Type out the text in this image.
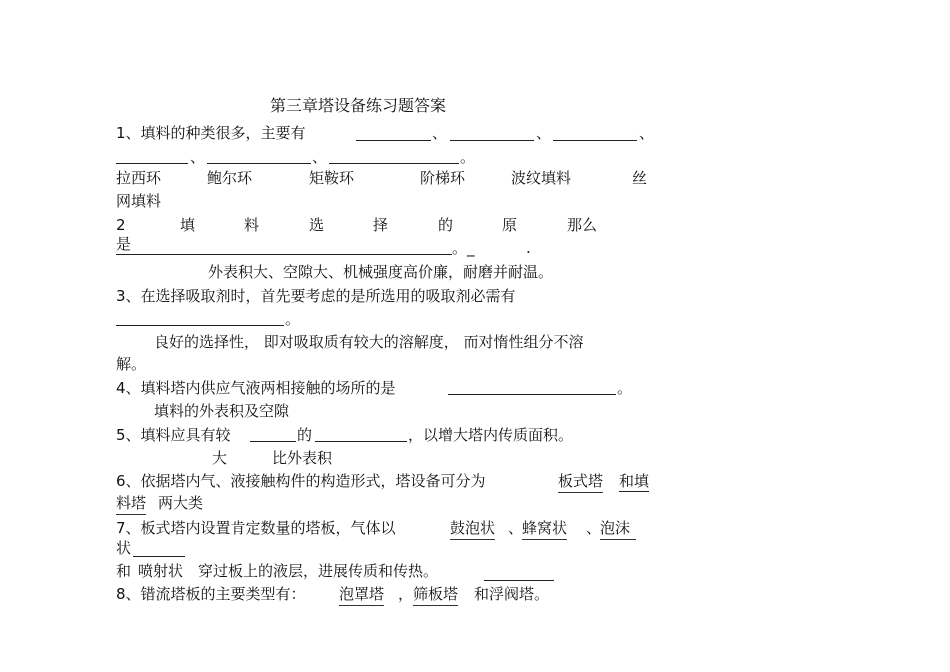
第三章塔设备练习题答案
1、填料的种类很多，主要有	、	、	、
、	、	。
拉西环	鲍尔环	矩鞍环	阶梯环	波纹填料	丝
网填料
2	填	料	选	择	的	原	那么
是	。_	.
外表积大、空隙大、机械强度高价廉，耐磨并耐温。
3、在选择吸取剂时，首先要考虑的是所选用的吸取剂必需有
。
良好的选择性， 即对吸取质有较大的溶解度， 而对惰性组分不溶
解。
4、填料塔内供应气液两相接触的场所的是	。
填料的外表积及空隙
5、填料应具有较	的	，以增大塔内传质面积。
大	比外表积
6、依据塔内气、液接触构件的构造形式，塔设备可分为	板式塔 和填
料塔 两大类
7、板式塔内设置肯定数量的塔板，气体以	鼓泡状 、
蜂窝状 、
泡沫
状
和 喷射状 穿过板上的液层，进展传质和传热。
8、错流塔板的主要类型有： 泡罩塔 ， 筛板塔 和浮阀塔。
